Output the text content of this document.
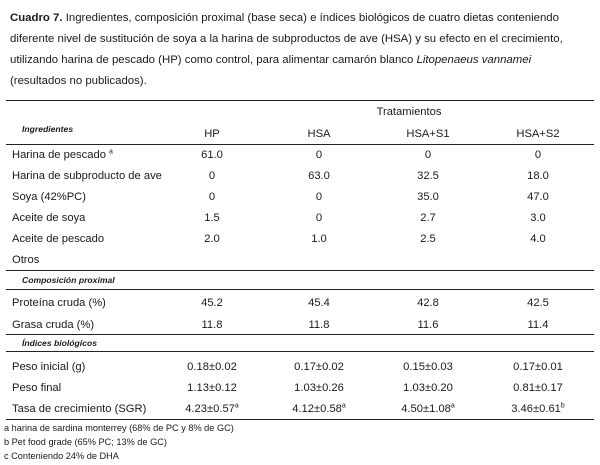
Cuadro 7. Ingredientes, composición proximal (base seca) e índices biológicos de cuatro dietas conteniendo diferente nivel de sustitución de soya a la harina de subproductos de ave (HSA) y su efecto en el crecimiento, utilizando harina de pescado (HP) como control, para alimentar camarón blanco Litopenaeus vannamei (resultados no publicados).
Tratamientos
Ingredientes	HP	HSA	HSA+S1	HSA+S2
Harina de pescado $^a$	61.0	0	0	0
Harina de subproducto de ave	0	63.0	32.5	18.0
Soya (42%PC)	0	0	35.0	47.0
Aceite de soya	1.5	0	2.7	3.0
Aceite de pescado	2.0	1.0	2.5	4.0
Otros
Composición proximal
Proteína cruda (%)	45.2	45.4	42.8	42.5
Grasa cruda (%)	11.8	11.8	11.6	11.4
Índices biológicos
Peso inicial (g)	0.18±0.02	0.17±0.02	0.15±0.03	0.17±0.01
Peso final	1.13±0.12	1.03±0.26	1.03±0.20	0.81±0.17
Tasa de crecimiento (SGR)	4.23±0.57$^a$	4.12±0.58$^a$	4.50±1.08$^a$	3.46±0.61$^b$
a harina de sardina monterrey (68% de PC y 8% de GC)
b Pet food grade (65% PC; 13% de GC)
c Conteniendo 24% de DHA
